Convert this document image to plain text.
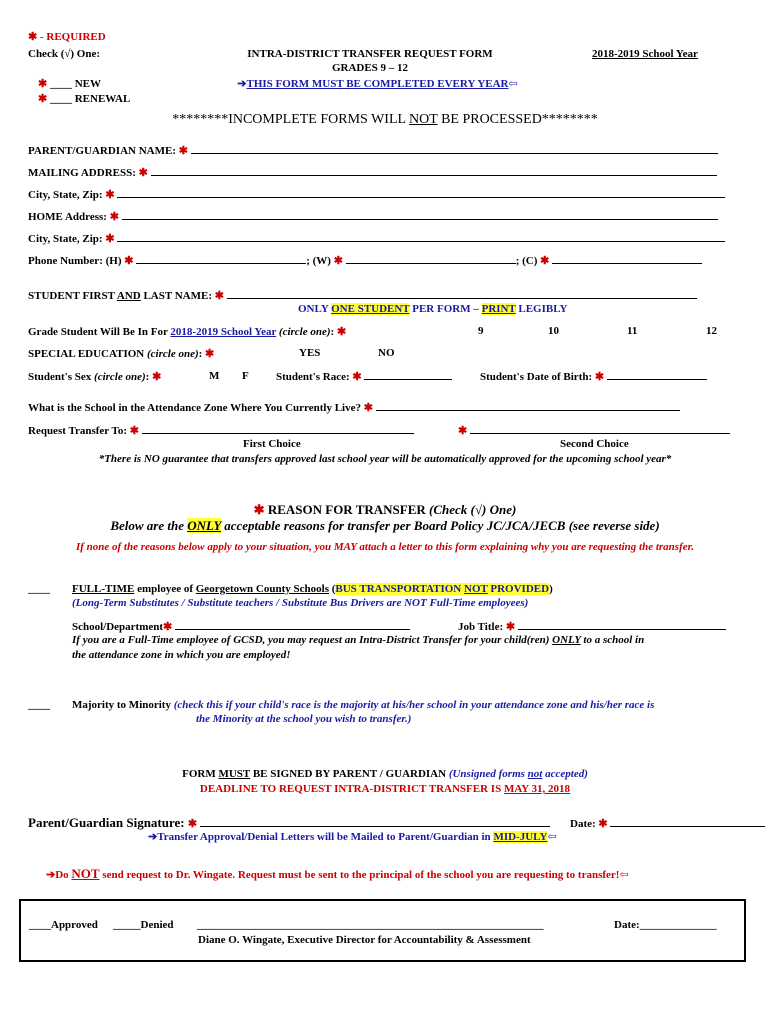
✱ - REQUIRED
Check (√) One:
✱ ____ NEW
✱ ____ RENEWAL
INTRA-DISTRICT TRANSFER REQUEST FORM
GRADES 9 – 12
➔THIS FORM MUST BE COMPLETED EVERY YEAR⇦
2018-2019 School Year
********INCOMPLETE FORMS WILL NOT BE PROCESSED********
PARENT/GUARDIAN NAME: ✱
MAILING ADDRESS: ✱
City, State, Zip: ✱
HOME Address: ✱
City, State, Zip: ✱
Phone Number: (H) ✱	; (W) ✱	; (C) ✱
STUDENT FIRST AND LAST NAME: ✱
ONLY ONE STUDENT PER FORM – PRINT LEGIBLY
Grade Student Will Be In For 2018-2019 School Year (circle one): ✱	9	10	11	12
SPECIAL EDUCATION (circle one): ✱	YES	NO
Student's Sex (circle one): ✱	M F Student's Race: ✱	Student's Date of Birth: ✱
What is the School in the Attendance Zone Where You Currently Live? ✱
Request Transfer To: ✱	✱
First Choice	Second Choice
*There is NO guarantee that transfers approved last school year will be automatically approved for the upcoming school year*
✱ REASON FOR TRANSFER (Check (√) One)
Below are the ONLY acceptable reasons for transfer per Board Policy JC/JCA/JECB (see reverse side)
If none of the reasons below apply to your situation, you MAY attach a letter to this form explaining why you are requesting the transfer.
____ FULL-TIME employee of Georgetown County Schools (BUS TRANSPORTATION NOT PROVIDED)
(Long-Term Substitutes / Substitute teachers / Substitute Bus Drivers are NOT Full-Time employees)
School/Department✱	Job Title: ✱
If you are a Full-Time employee of GCSD, you may request an Intra-District Transfer for your child(ren) ONLY to a school in
the attendance zone in which you are employed!
____ Majority to Minority (check this if your child's race is the majority at his/her school in your attendance zone and his/her race is
the Minority at the school you wish to transfer.)
FORM MUST BE SIGNED BY PARENT / GUARDIAN (Unsigned forms not accepted)
DEADLINE TO REQUEST INTRA-DISTRICT TRANSFER IS MAY 31, 2018
Parent/Guardian Signature: ✱	Date: ✱
➔Transfer Approval/Denial Letters will be Mailed to Parent/Guardian in MID-JULY⇦
➔Do NOT send request to Dr. Wingate. Request must be sent to the principal of the school you are requesting to transfer!⇦
____Approved _____Denied _______________________________________________________________
Diane O. Wingate, Executive Director for Accountability & Assessment
Date:______________
